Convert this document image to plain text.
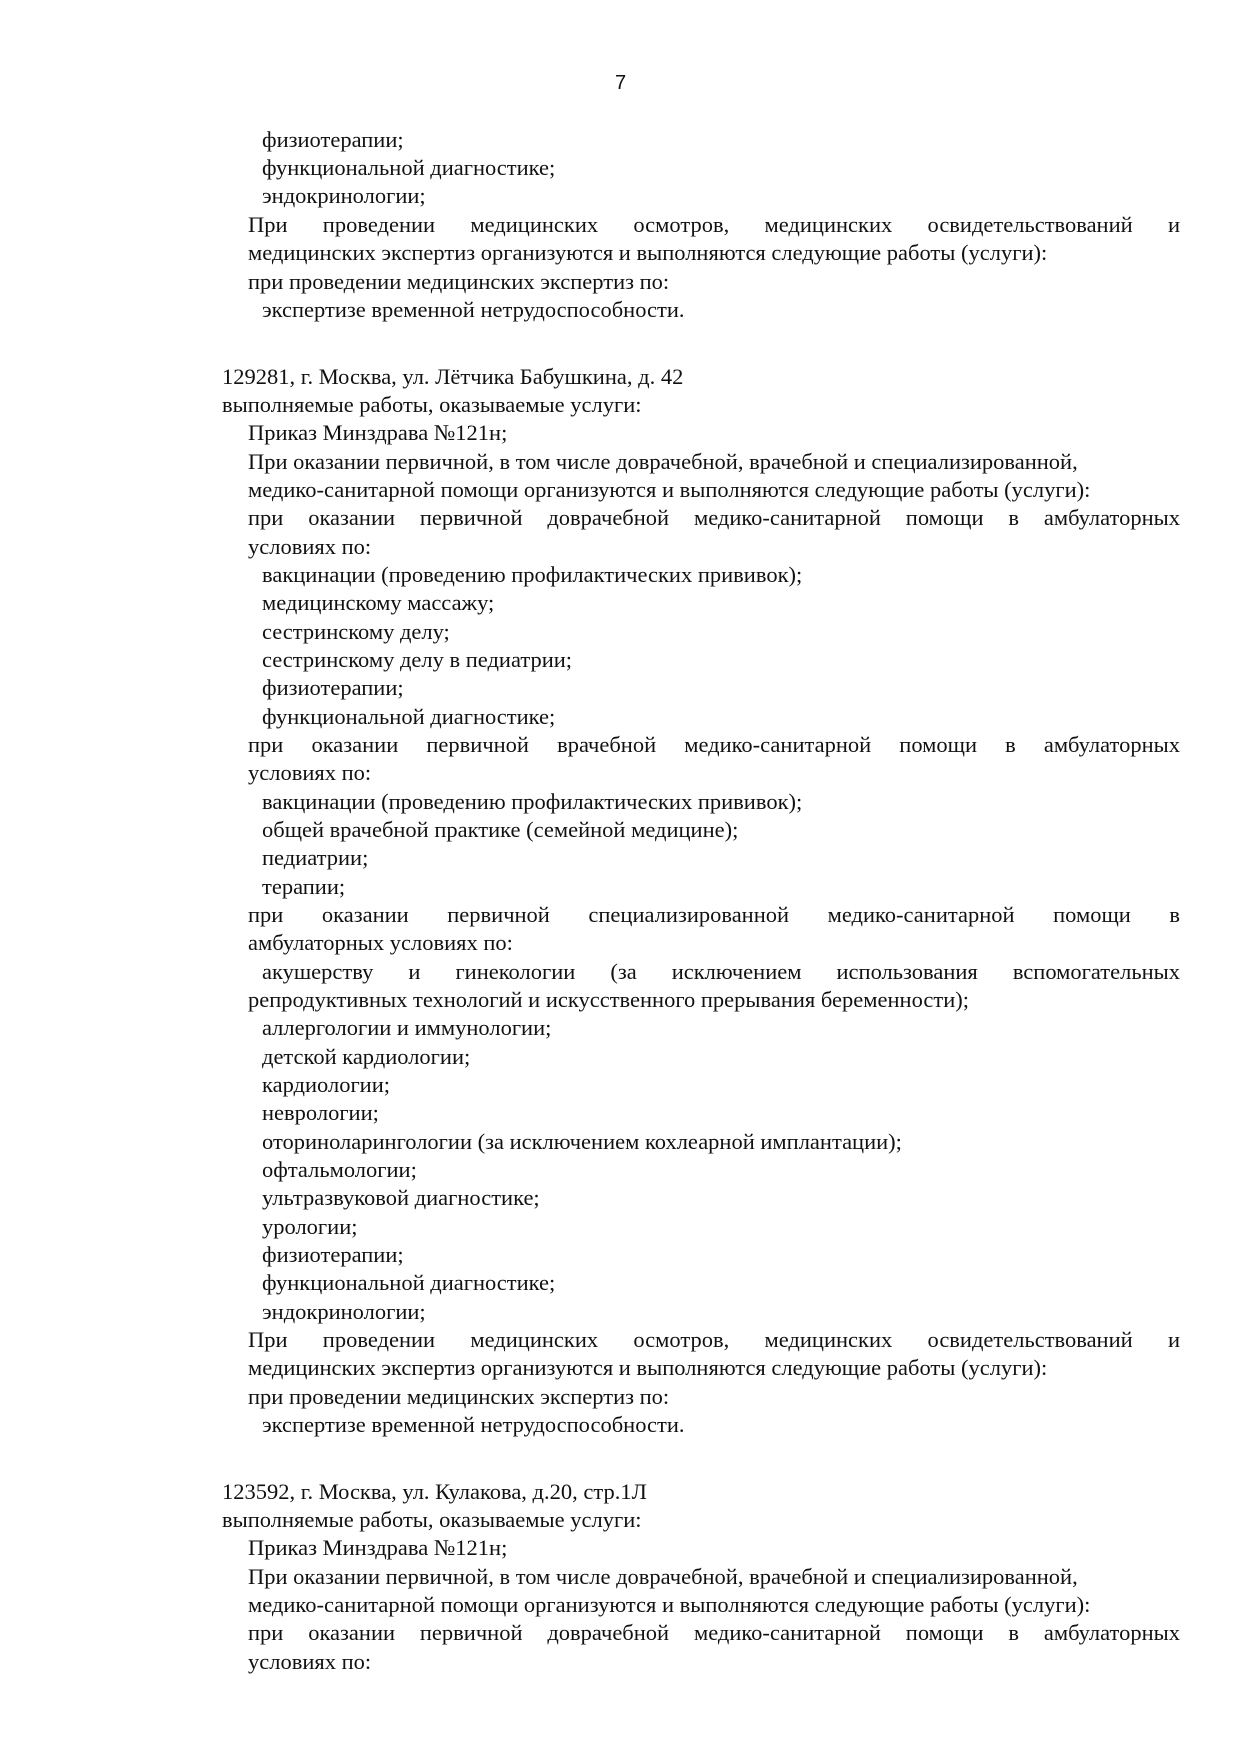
7
физиотерапии;
функциональной диагностике;
эндокринологии;
При проведении медицинских осмотров, медицинских освидетельствований и
медицинских экспертиз организуются и выполняются следующие работы (услуги):
при проведении медицинских экспертиз по:
экспертизе временной нетрудоспособности.
129281, г. Москва, ул. Лётчика Бабушкина, д. 42
выполняемые работы, оказываемые услуги:
Приказ Минздрава №121н;
При оказании первичной, в том числе доврачебной, врачебной и специализированной,
медико-санитарной помощи организуются и выполняются следующие работы (услуги):
при оказании первичной доврачебной медико-санитарной помощи в амбулаторных
условиях по:
вакцинации (проведению профилактических прививок);
медицинскому массажу;
сестринскому делу;
сестринскому делу в педиатрии;
физиотерапии;
функциональной диагностике;
при оказании первичной врачебной медико-санитарной помощи в амбулаторных
условиях по:
вакцинации (проведению профилактических прививок);
общей врачебной практике (семейной медицине);
педиатрии;
терапии;
при оказании первичной специализированной медико-санитарной помощи в
амбулаторных условиях по:
акушерству и гинекологии (за исключением использования вспомогательных
репродуктивных технологий и искусственного прерывания беременности);
аллергологии и иммунологии;
детской кардиологии;
кардиологии;
неврологии;
оториноларингологии (за исключением кохлеарной имплантации);
офтальмологии;
ультразвуковой диагностике;
урологии;
физиотерапии;
функциональной диагностике;
эндокринологии;
При проведении медицинских осмотров, медицинских освидетельствований и
медицинских экспертиз организуются и выполняются следующие работы (услуги):
при проведении медицинских экспертиз по:
экспертизе временной нетрудоспособности.
123592, г. Москва, ул. Кулакова, д.20, стр.1Л
выполняемые работы, оказываемые услуги:
Приказ Минздрава №121н;
При оказании первичной, в том числе доврачебной, врачебной и специализированной,
медико-санитарной помощи организуются и выполняются следующие работы (услуги):
при оказании первичной доврачебной медико-санитарной помощи в амбулаторных
условиях по:
